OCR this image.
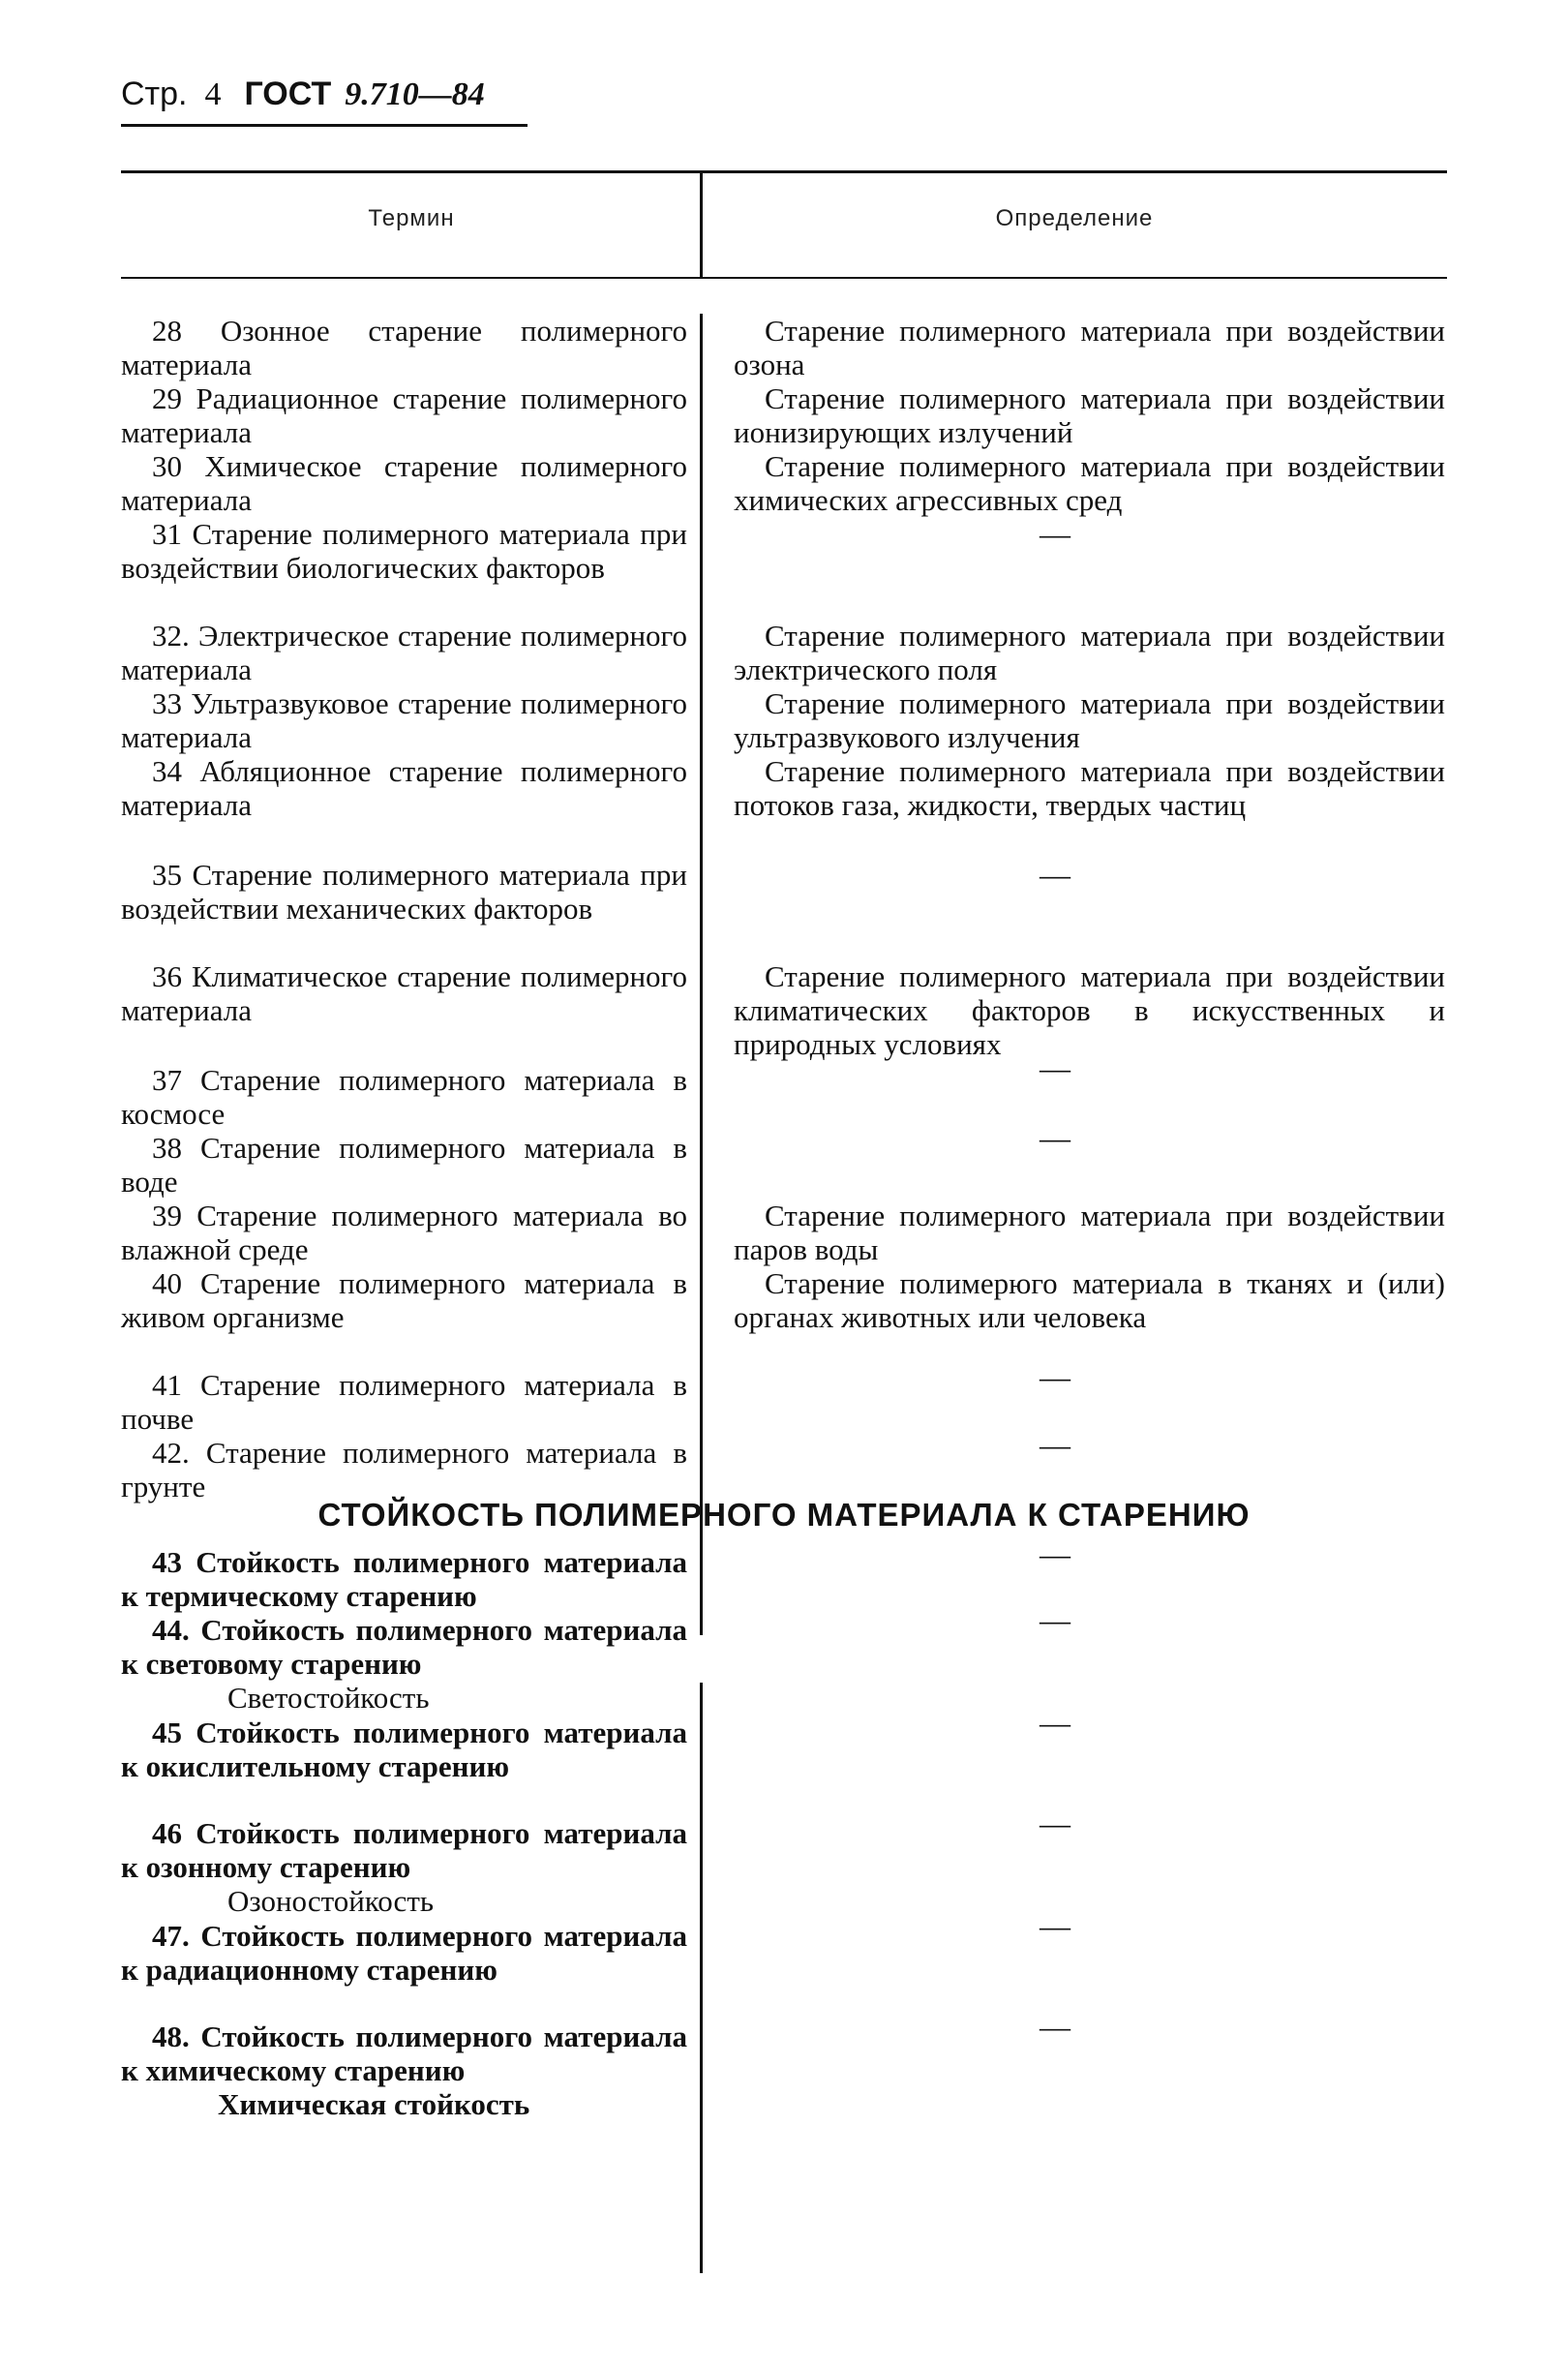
Стр. 4 ГОСТ 9.710—84
Термин	Определение
28 Озонное старение полимерного материала
Старение полимерного материала при воздействии озона
29 Радиационное старение полимерного материала
Старение полимерного материала при воздействии ионизирующих излучений
30 Химическое старение полимерного материала
Старение полимерного материала при воздействии химических агрессивных сред
31 Старение полимерного материала при воздействии биологических факторов
—
32. Электрическое старение полимерного материала
Старение полимерного материала при воздействии электрического поля
33 Ультразвуковое старение полимерного материала
Старение полимерного материала при воздействии ультразвукового излучения
34 Абляционное старение полимерного материала
Старение полимерного материала при воздействии потоков газа, жидкости, твердых частиц
35 Старение полимерного материала при воздействии механических факторов
—
36 Климатическое старение полимерного материала
Старение полимерного материала при воздействии климатических факторов в искусственных и природных условиях
37 Старение полимерного материала в космосе
—
38 Старение полимерного материала в воде
—
39 Старение полимерного материала во влажной среде
Старение полимерного материала при воздействии паров воды
40 Старение полимерного материала в живом организме
Старение полимерюго материала в тканях и (или) органах животных или человека
41 Старение полимерного материала в почве
—
42. Старение полимерного материала в грунте
—
СТОЙКОСТЬ ПОЛИМЕРНОГО МАТЕРИАЛА К СТАРЕНИЮ
43 Стойкость полимерного материала к термическому старению
—
44. Стойкость полимерного материала к световому старению
Светостойкость
—
45 Стойкость полимерного материала к окислительному старению
—
46 Стойкость полимерного материала к озонному старению
Озоностойкость
—
47. Стойкость полимерного материала к радиационному старению
—
48. Стойкость полимерного материала к химическому старению
Химическая стойкость
—
